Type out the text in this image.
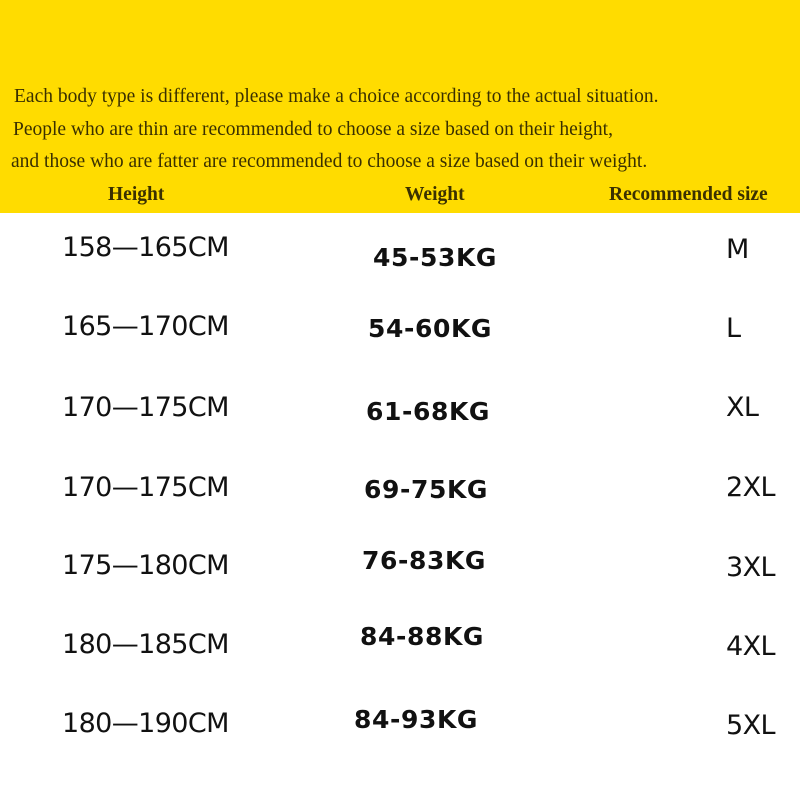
Each body type is different, please make a choice according to the actual situation.
People who are thin are recommended to choose a size based on their height,
and those who are fatter are recommended to choose a size based on their weight.
Height	Weight	Recommended size
158—165CM	45-53KG	M
165—170CM	54-60KG	L
170—175CM	61-68KG	XL
170—175CM	69-75KG	2XL
175—180CM	76-83KG	3XL
180—185CM	84-88KG	4XL
180—190CM	84-93KG	5XL
